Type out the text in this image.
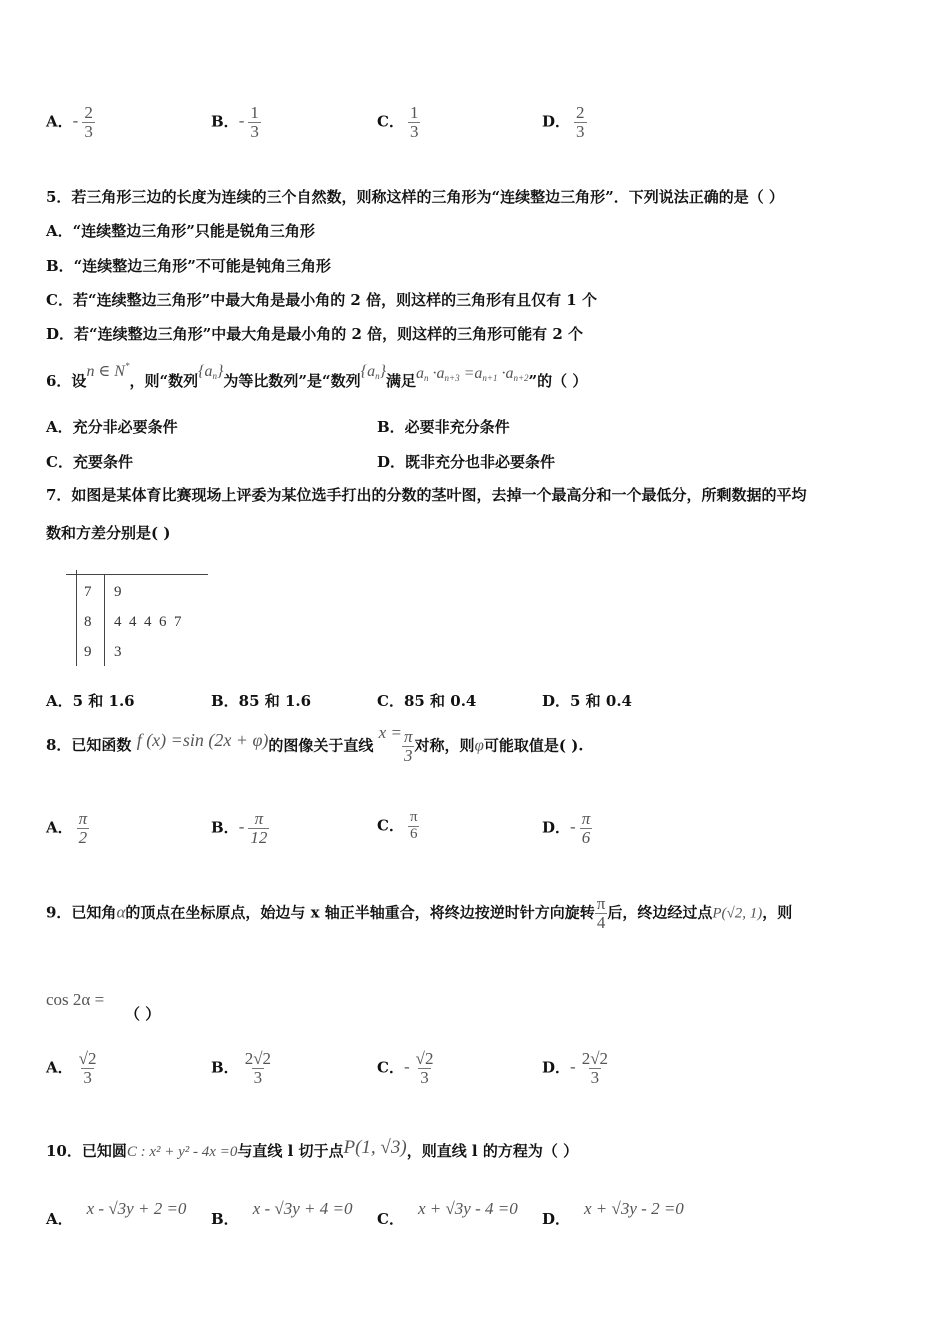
A．- $\frac{2}{3}$	B．- $\frac{1}{3}$	C． $\frac{1}{3}$	D． $\frac{2}{3}$
5．若三角形三边的长度为连续的三个自然数，则称这样的三角形为“连续整边三角形”．下列说法正确的是（ ）
A．“连续整边三角形”只能是锐角三角形
B．“连续整边三角形”不可能是钝角三角形
C．若“连续整边三角形”中最大角是最小角的 2 倍，则这样的三角形有且仅有 1 个
D．若“连续整边三角形”中最大角是最小角的 2 倍，则这样的三角形可能有 2 个
6．设n ∈ N*，则“数列$\{a_n\}$为等比数列”是“数列$\{a_n\}$满足$a_n \cdot a_{n+3} =a_{n+1} \cdot a_{n+2}$”的（ ）
A．充分非必要条件	B．必要非充分条件
C．充要条件	D．既非充分也非必要条件
7．如图是某体育比赛现场上评委为某位选手打出的分数的茎叶图，去掉一个最高分和一个最低分，所剩数据的平均
数和方差分别是( )
7 9
8 4  4  4  6  7
9 3
A．5 和 1.6	B．85 和 1.6	C．85 和 0.4	D．5 和 0.4
8．已知函数 f (x) =sin (2x + φ)的图像关于直线 $x = \frac{\pi}{3}$ 对称，则φ可能取值是( ).
A． $\frac{\pi}{2}$	B．- $\frac{\pi}{12}$	C． $\frac{\pi}{6}$	D．- $\frac{\pi}{6}$
9．已知角α的顶点在坐标原点，始边与 x 轴正半轴重合，将终边按逆时针方向旋转 $\frac{\pi}{4}$ 后，终边经过点P(√2, 1)，则
cos 2α =
（ ）
A． $\frac{√2}{3}$	B． $\frac{2√2}{3}$	C．- $\frac{√2}{3}$	D．- $\frac{2√2}{3}$
10．已知圆C : x² + y² - 4x =0与直线 l 切于点P(1, √3)，则直线 l 的方程为（ ）
A．x - √3y + 2 =0
B．x - √3y + 4 =0
C．x + √3y - 4 =0
D．x + √3y - 2 =0
